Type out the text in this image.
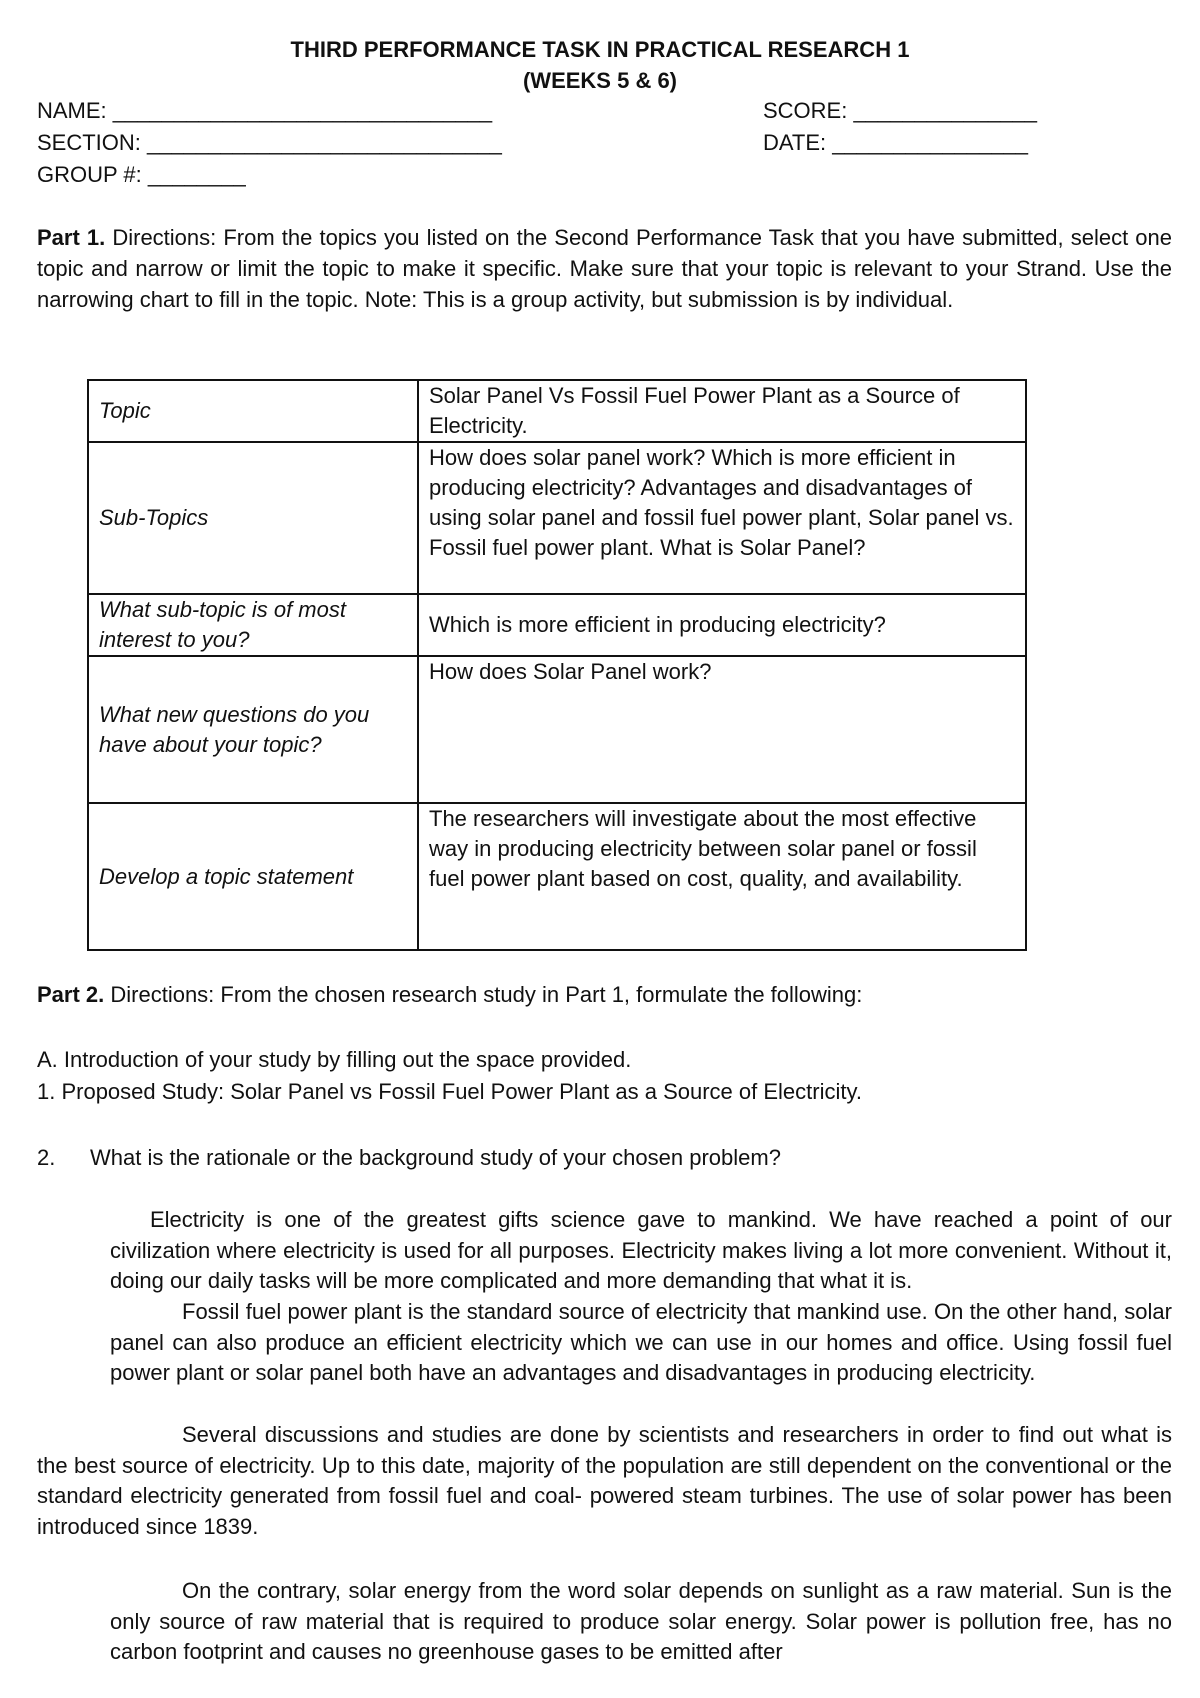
THIRD PERFORMANCE TASK IN PRACTICAL RESEARCH 1
(WEEKS 5 & 6)
NAME: _______________________________	SCORE: _______________
SECTION: _____________________________	DATE: ________________
GROUP #: ________
Part 1. Directions: From the topics you listed on the Second Performance Task that you have submitted, select one topic and narrow or limit the topic to make it specific. Make sure that your topic is relevant to your Strand. Use the narrowing chart to fill in the topic. Note: This is a group activity, but submission is by individual.
Topic	Solar Panel Vs Fossil Fuel Power Plant as a Source of Electricity.
Sub-Topics	How does solar panel work? Which is more efficient in producing electricity? Advantages and disadvantages of using solar panel and fossil fuel power plant, Solar panel vs. Fossil fuel power plant. What is Solar Panel?
What sub-topic is of most interest to you?	Which is more efficient in producing electricity?
What new questions do you have about your topic?	How does Solar Panel work?
Develop a topic statement	The researchers will investigate about the most effective way in producing electricity between solar panel or fossil fuel power plant based on cost, quality, and availability.
Part 2. Directions: From the chosen research study in Part 1, formulate the following:
A. Introduction of your study by filling out the space provided.
1. Proposed Study: Solar Panel vs Fossil Fuel Power Plant as a Source of Electricity.
2. What is the rationale or the background study of your chosen problem?
Electricity is one of the greatest gifts science gave to mankind. We have reached a point of our civilization where electricity is used for all purposes. Electricity makes living a lot more convenient. Without it, doing our daily tasks will be more complicated and more demanding that what it is.
Fossil fuel power plant is the standard source of electricity that mankind use. On the other hand, solar panel can also produce an efficient electricity which we can use in our homes and office. Using fossil fuel power plant or solar panel both have an advantages and disadvantages in producing electricity.
Several discussions and studies are done by scientists and researchers in order to find out what is the best source of electricity. Up to this date, majority of the population are still dependent on the conventional or the standard electricity generated from fossil fuel and coal- powered steam turbines. The use of solar power has been introduced since 1839.
On the contrary, solar energy from the word solar depends on sunlight as a raw material. Sun is the only source of raw material that is required to produce solar energy. Solar power is pollution free, has no carbon footprint and causes no greenhouse gases to be emitted after
